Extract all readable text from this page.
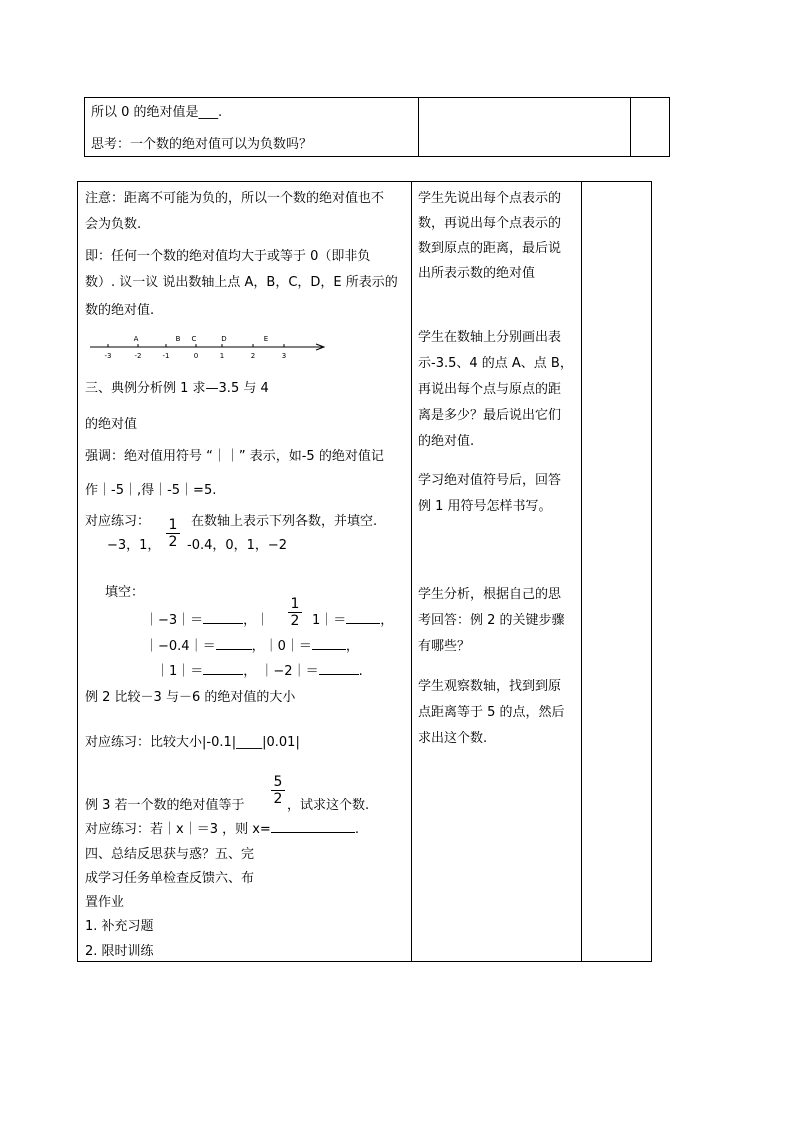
所以 0 的绝对值是___.
思考：一个数的绝对值可以为负数吗？
注意：距离不可能为负的，所以一个数的绝对值也不
会为负数.
即：任何一个数的绝对值均大于或等于 0（即非负
数）. 议一议 说出数轴上点 A，B，C，D，E 所表示的
数的绝对值.
-3	-2	-1	0	1	2	3
A	B C	D	E
三、典例分析例 1 求—3.5 与 4
的绝对值
强调：绝对值用符号 “｜｜” 表示，如-5 的绝对值记
作｜-5｜,得｜-5｜=5.
对应练习： 1
2
在数轴上表示下列各数，并填空.
−3，1， -0.4，0，1，−2
填空：
｜−3｜＝	，｜
1
2 1｜＝	，
｜−0.4｜＝	，｜0｜＝	，
｜1｜＝	， ｜−2｜＝	.
例 2 比较－3 与－6 的绝对值的大小
对应练习：比较大小|-0.1|____|0.01|
5
2
例 3 若一个数的绝对值等于	，试求这个数.
对应练习：若｜x｜＝3 ，则 x=	.
四、总结反思获与惑？五、完
成学习任务单检查反馈六、布
置作业
1. 补充习题
2. 限时训练
学生先说出每个点表示的
数，再说出每个点表示的
数到原点的距离，最后说
出所表示数的绝对值
学生在数轴上分别画出表
示-3.5、4 的点 A、点 B，
再说出每个点与原点的距
离是多少？最后说出它们
的绝对值.
学习绝对值符号后，回答
例 1 用符号怎样书写。
学生分析，根据自己的思
考回答：例 2 的关键步骤
有哪些？
学生观察数轴，找到到原
点距离等于 5 的点，然后
求出这个数.
